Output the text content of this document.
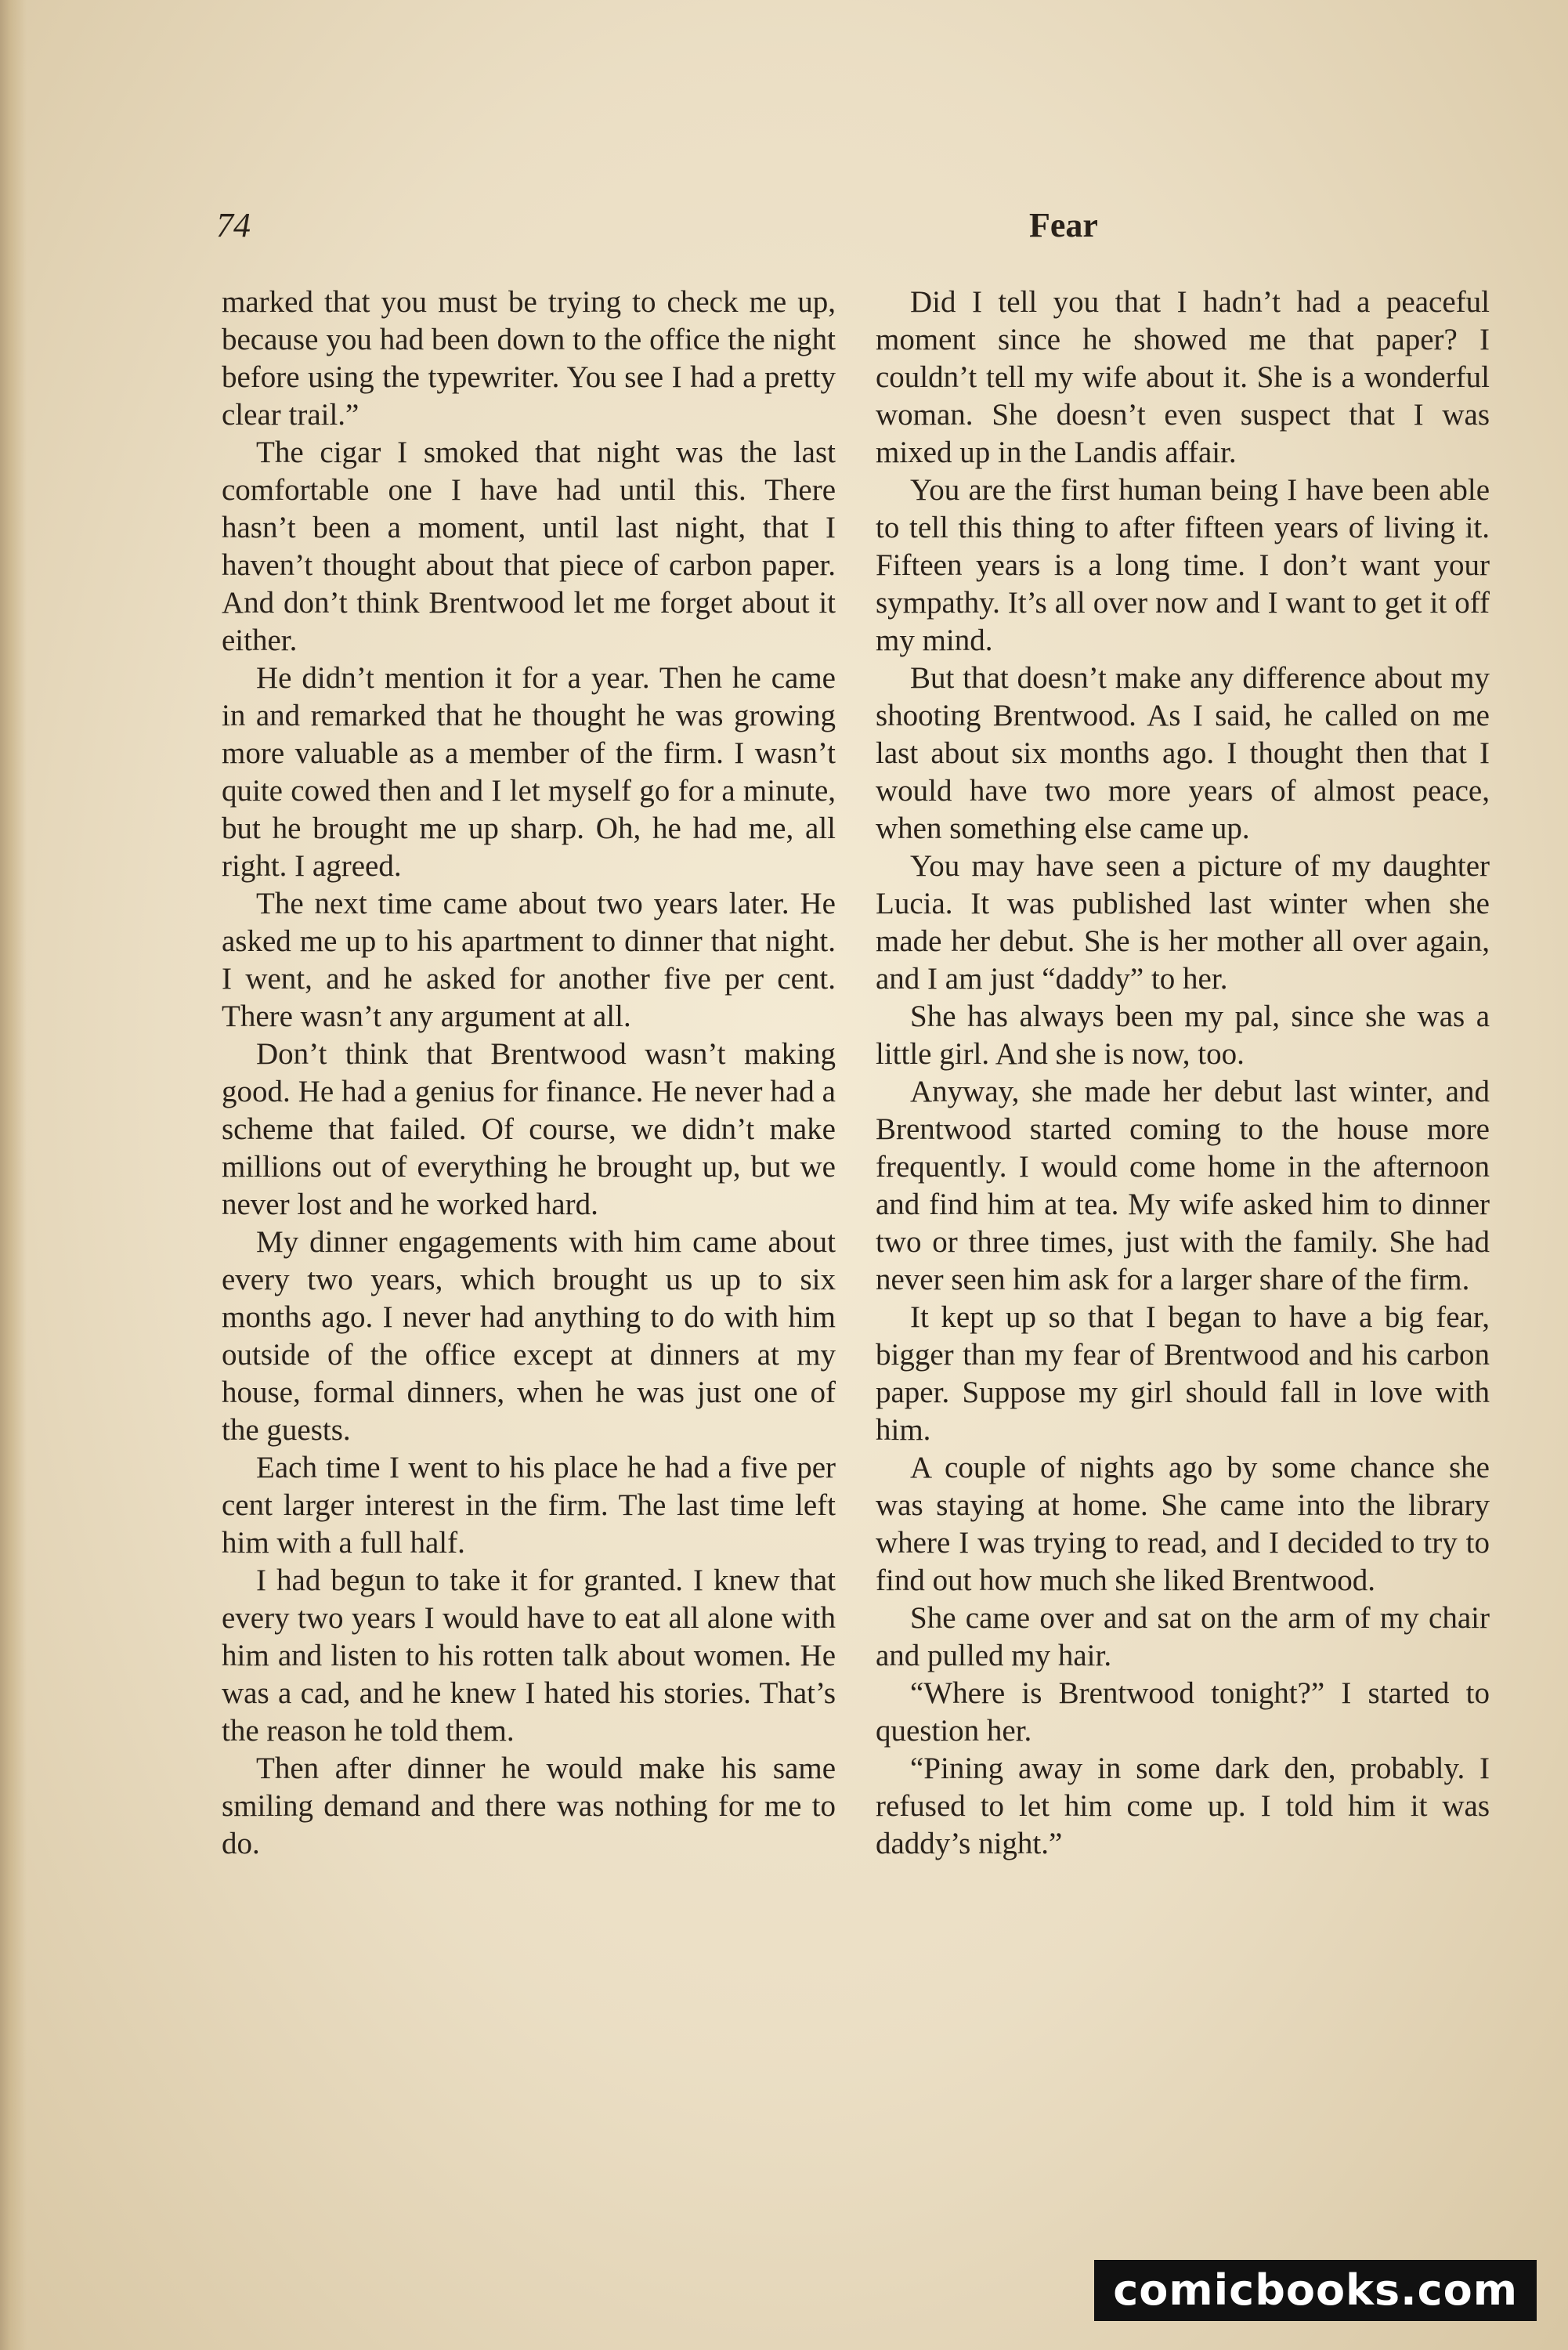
74	Fear

marked that you must be trying to check me up, because you had been down to the office the night before using the typewriter. You see I had a pretty clear trail.”

The cigar I smoked that night was the last comfortable one I have had until this. There hasn’t been a moment, until last night, that I haven’t thought about that piece of carbon paper. And don’t think Brentwood let me forget about it either.

He didn’t mention it for a year. Then he came in and remarked that he thought he was growing more valuable as a member of the firm. I wasn’t quite cowed then and I let myself go for a minute, but he brought me up sharp. Oh, he had me, all right. I agreed.

The next time came about two years later. He asked me up to his apartment to dinner that night. I went, and he asked for another five per cent. There wasn’t any argument at all.

Don’t think that Brentwood wasn’t making good. He had a genius for finance. He never had a scheme that failed. Of course, we didn’t make millions out of everything he brought up, but we never lost and he worked hard.

My dinner engagements with him came about every two years, which brought us up to six months ago. I never had anything to do with him outside of the office except at dinners at my house, formal dinners, when he was just one of the guests.

Each time I went to his place he had a five per cent larger interest in the firm. The last time left him with a full half.

I had begun to take it for granted. I knew that every two years I would have to eat all alone with him and listen to his rotten talk about women. He was a cad, and he knew I hated his stories. That’s the reason he told them.

Then after dinner he would make his same smiling demand and there was nothing for me to do.

Did I tell you that I hadn’t had a peaceful moment since he showed me that paper? I couldn’t tell my wife about it. She is a wonderful woman. She doesn’t even suspect that I was mixed up in the Landis affair.

You are the first human being I have been able to tell this thing to after fifteen years of living it. Fifteen years is a long time. I don’t want your sympathy. It’s all over now and I want to get it off my mind.

But that doesn’t make any difference about my shooting Brentwood. As I said, he called on me last about six months ago. I thought then that I would have two more years of almost peace, when something else came up.

You may have seen a picture of my daughter Lucia. It was published last winter when she made her debut. She is her mother all over again, and I am just “daddy” to her.

She has always been my pal, since she was a little girl. And she is now, too.

Anyway, she made her debut last winter, and Brentwood started coming to the house more frequently. I would come home in the afternoon and find him at tea. My wife asked him to dinner two or three times, just with the family. She had never seen him ask for a larger share of the firm.

It kept up so that I began to have a big fear, bigger than my fear of Brentwood and his carbon paper. Suppose my girl should fall in love with him.

A couple of nights ago by some chance she was staying at home. She came into the library where I was trying to read, and I decided to try to find out how much she liked Brentwood.

She came over and sat on the arm of my chair and pulled my hair.

“Where is Brentwood tonight?” I started to question her.

“Pining away in some dark den, probably. I refused to let him come up. I told him it was daddy’s night.”

comicbooks.com
